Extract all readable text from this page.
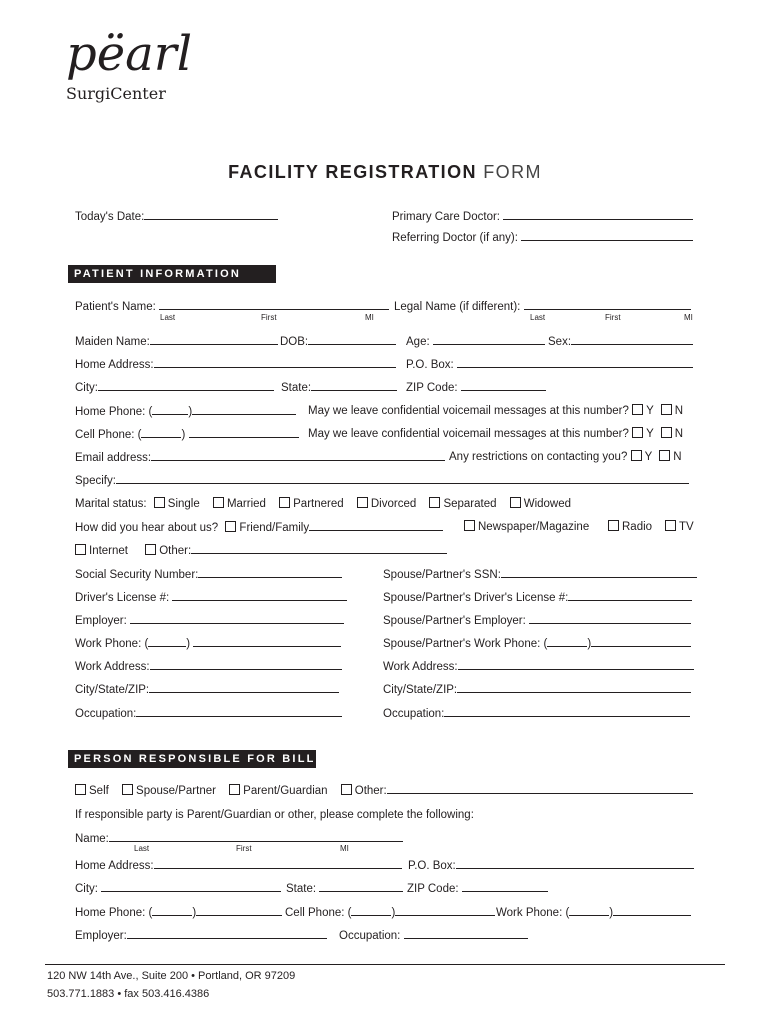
pëarl
SurgiCenter
FACILITY REGISTRATION FORM
Today's Date:	Primary Care Doctor:
Referring Doctor (if any):
PATIENT INFORMATION
Patient's Name:
Last	First	MI
Legal Name (if different):
Last	First	MI
Maiden Name:	DOB:	Age:	Sex:
Home Address:	P.O. Box:
City:	State:	ZIP Code:
Home Phone: (	)	May we leave confidential voicemail messages at this number? Y N
Cell Phone: (	)	May we leave confidential voicemail messages at this number? Y N
Email address:	Any restrictions on contacting you? Y N
Specify:
Marital status: Single Married Partnered Divorced Separated Widowed
How did you hear about us? Friend/Family	Newspaper/Magazine	Radio	TV
Internet	Other:
Social Security Number:	Spouse/Partner's SSN:
Driver's License #:	Spouse/Partner's Driver's License #:
Employer:	Spouse/Partner's Employer:
Work Phone: (	)	Spouse/Partner's Work Phone: (	)
Work Address:	Work Address:
City/State/ZIP:	City/State/ZIP:
Occupation:	Occupation:
PERSON RESPONSIBLE FOR BILL
Self Spouse/Partner Parent/Guardian Other:
If responsible party is Parent/Guardian or other, please complete the following:
Name:
Last	First	MI
Home Address:	P.O. Box:
City:	State:	ZIP Code:
Home Phone: (	)	Cell Phone: (	)	Work Phone: (	)
Employer:	Occupation:
120 NW 14th Ave., Suite 200 • Portland, OR 97209
503.771.1883 • fax 503.416.4386
